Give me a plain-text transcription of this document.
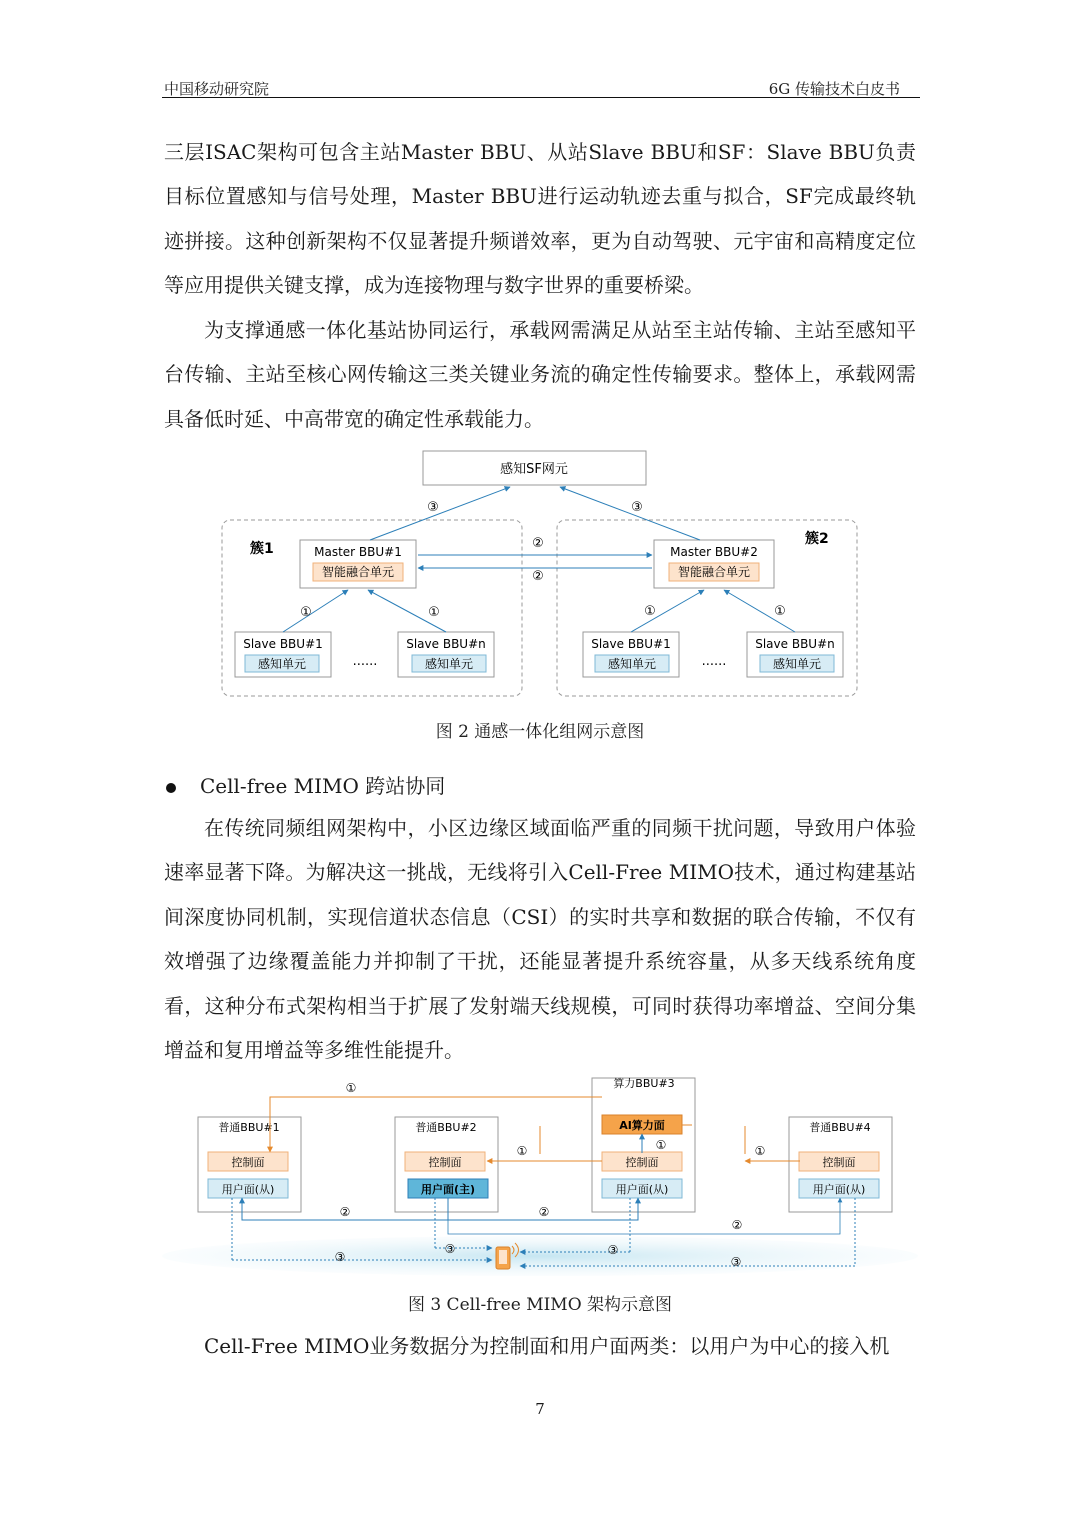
中国移动研究院	6G 传输技术白皮书

三层ISAC架构可包含主站Master BBU、从站Slave BBU和SF：Slave BBU负责目标位置感知与信号处理，Master BBU进行运动轨迹去重与拟合，SF完成最终轨迹拼接。这种创新架构不仅显著提升频谱效率，更为自动驾驶、元宇宙和高精度定位等应用提供关键支撑，成为连接物理与数字世界的重要桥梁。

为支撑通感一体化基站协同运行，承载网需满足从站至主站传输、主站至感知平台传输、主站至核心网传输这三类关键业务流的确定性传输要求。整体上，承载网需具备低时延、中高带宽的确定性承载能力。

感知SF网元
簇1
簇2
Master BBU#1
智能融合单元
Master BBU#2
智能融合单元
Slave BBU#1
感知单元
Slave BBU#n
感知单元
......
Slave BBU#1
感知单元
Slave BBU#n
感知单元
......
③	③
②
②
①	①	①	①
图 2 通感一体化组网示意图
Cell-free MIMO 跨站协同

在传统同频组网架构中，小区边缘区域面临严重的同频干扰问题，导致用户体验速率显著下降。为解决这一挑战，无线将引入Cell-Free MIMO技术，通过构建基站间深度协同机制，实现信道状态信息（CSI）的实时共享和数据的联合传输，不仅有效增强了边缘覆盖能力并抑制了干扰，还能显著提升系统容量，从多天线系统角度看，这种分布式架构相当于扩展了发射端天线规模，可同时获得功率增益、空间分集增益和复用增益等多维性能提升。

普通BBU#1
控制面
用户面(从)
普通BBU#2
控制面
用户面(主)
算力BBU#3
AI算力面
控制面
用户面(从)
普通BBU#4
控制面
用户面(从)
①
①	①	①
②	②
②
③
③	③
③
图 3 Cell-free MIMO 架构示意图

Cell-Free MIMO业务数据分为控制面和用户面两类：以用户为中心的接入机

7
